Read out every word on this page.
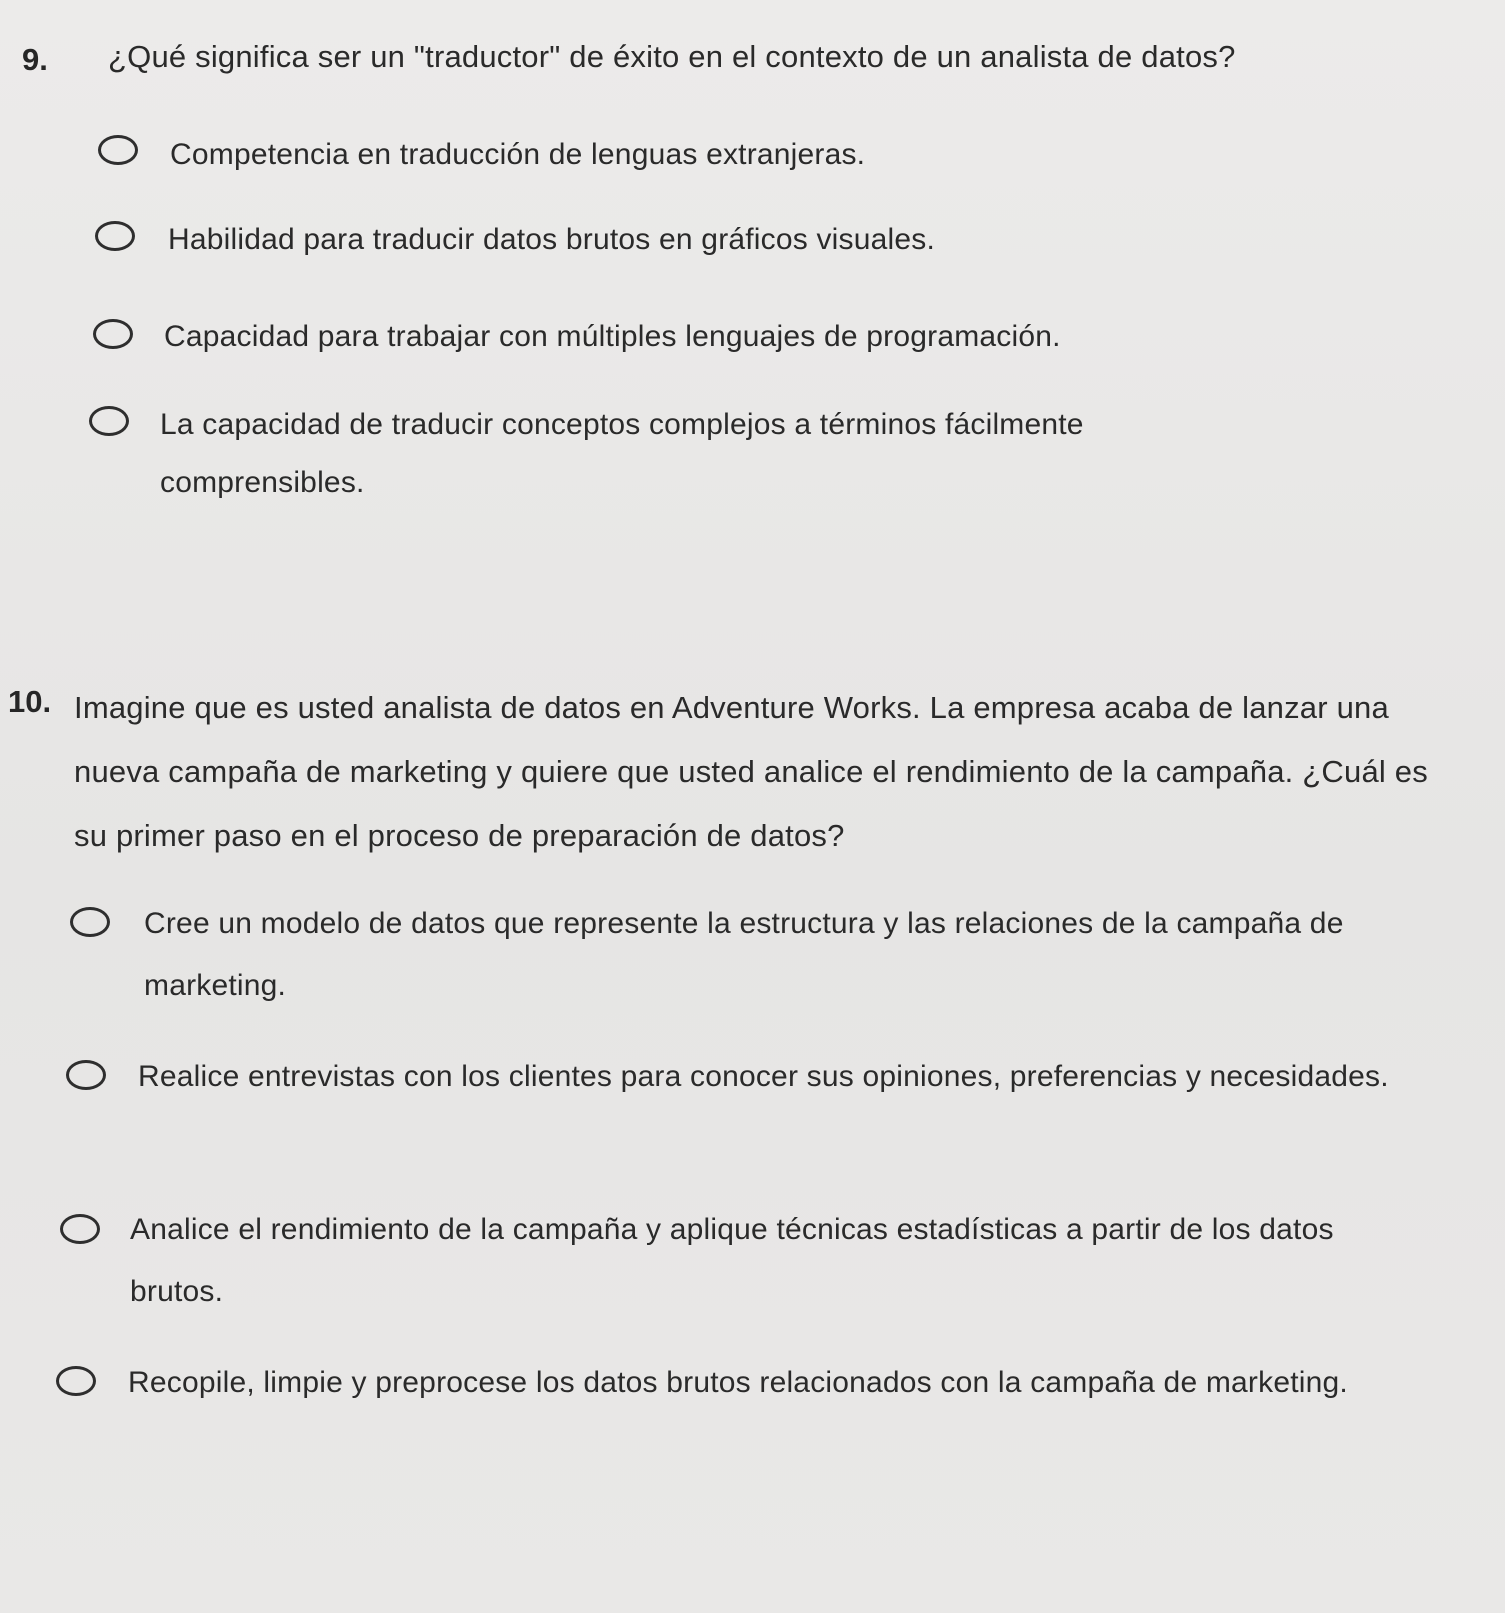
9. ¿Qué significa ser un "traductor" de éxito en el contexto de un analista de datos?
Competencia en traducción de lenguas extranjeras.
Habilidad para traducir datos brutos en gráficos visuales.
Capacidad para trabajar con múltiples lenguajes de programación.
La capacidad de traducir conceptos complejos a términos fácilmente comprensibles.
10. Imagine que es usted analista de datos en Adventure Works. La empresa acaba de lanzar una nueva campaña de marketing y quiere que usted analice el rendimiento de la campaña. ¿Cuál es su primer paso en el proceso de preparación de datos?
Cree un modelo de datos que represente la estructura y las relaciones de la campaña de marketing.
Realice entrevistas con los clientes para conocer sus opiniones, preferencias y necesidades.
Analice el rendimiento de la campaña y aplique técnicas estadísticas a partir de los datos brutos.
Recopile, limpie y preprocese los datos brutos relacionados con la campaña de marketing.
